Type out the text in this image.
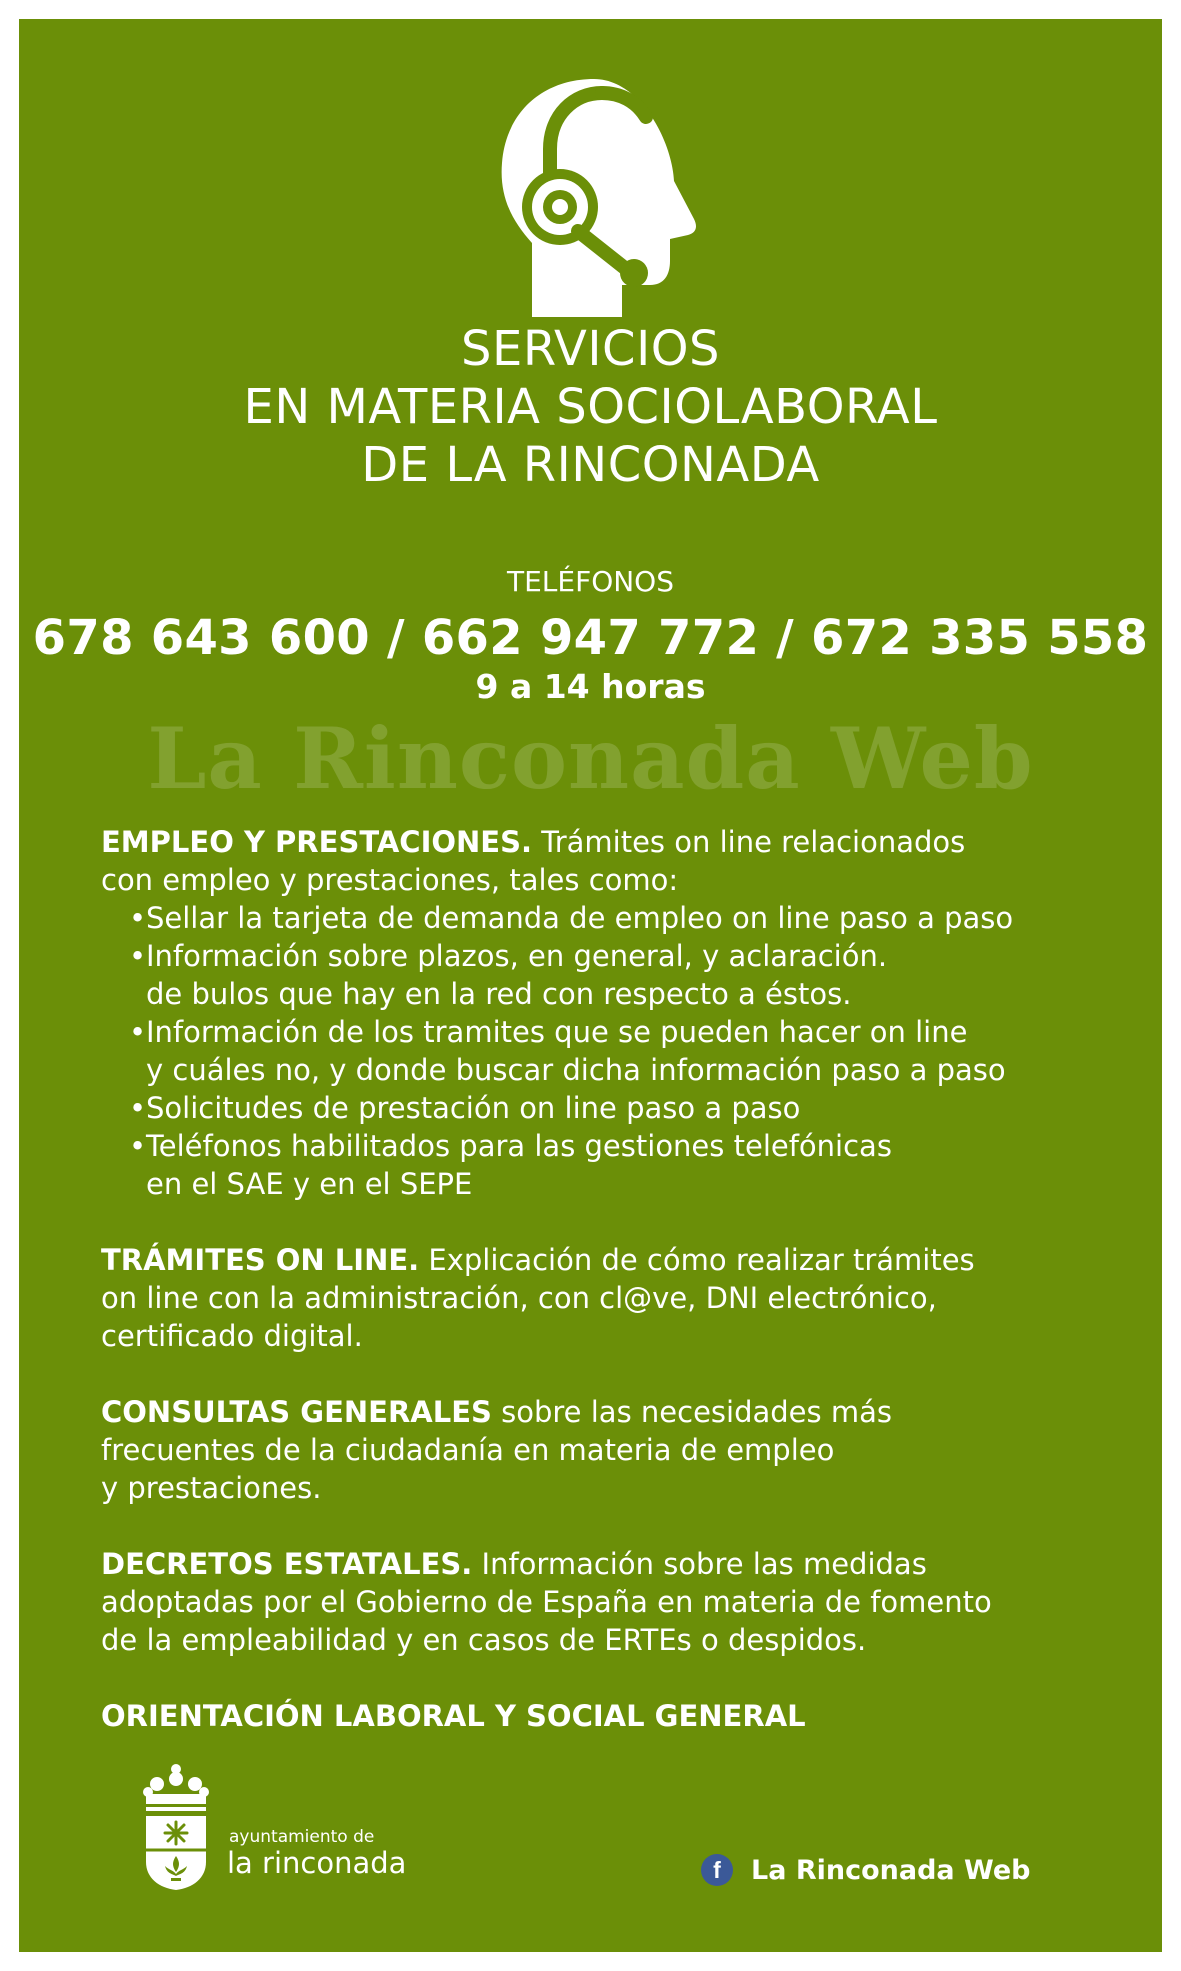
SERVICIOS
EN MATERIA SOCIOLABORAL
DE LA RINCONADA
TELÉFONOS
678 643 600 / 662 947 772 / 672 335 558
9 a 14 horas
La Rinconada Web

EMPLEO Y PRESTACIONES. Trámites on line relacionados

con empleo y prestaciones, tales como:

• Sellar la tarjeta de demanda de empleo on line paso a paso
• Información sobre plazos, en general, y aclaración.
de bulos que hay en la red con respecto a éstos.
• Información de los tramites que se pueden hacer on line
y cuáles no, y donde buscar dicha información paso a paso
• Solicitudes de prestación on line paso a paso
• Teléfonos habilitados para las gestiones telefónicas
en el SAE y en el SEPE

TRÁMITES ON LINE. Explicación de cómo realizar trámites

on line con la administración, con cl@ve, DNI electrónico,

certificado digital.

CONSULTAS GENERALES sobre las necesidades más

frecuentes de la ciudadanía en materia de empleo

y prestaciones.

DECRETOS ESTATALES. Información sobre las medidas

adoptadas por el Gobierno de España en materia de fomento

de la empleabilidad y en casos de ERTEs o despidos.

ORIENTACIÓN LABORAL Y SOCIAL GENERAL

ayuntamiento de
la rinconada	f	La Rinconada Web
